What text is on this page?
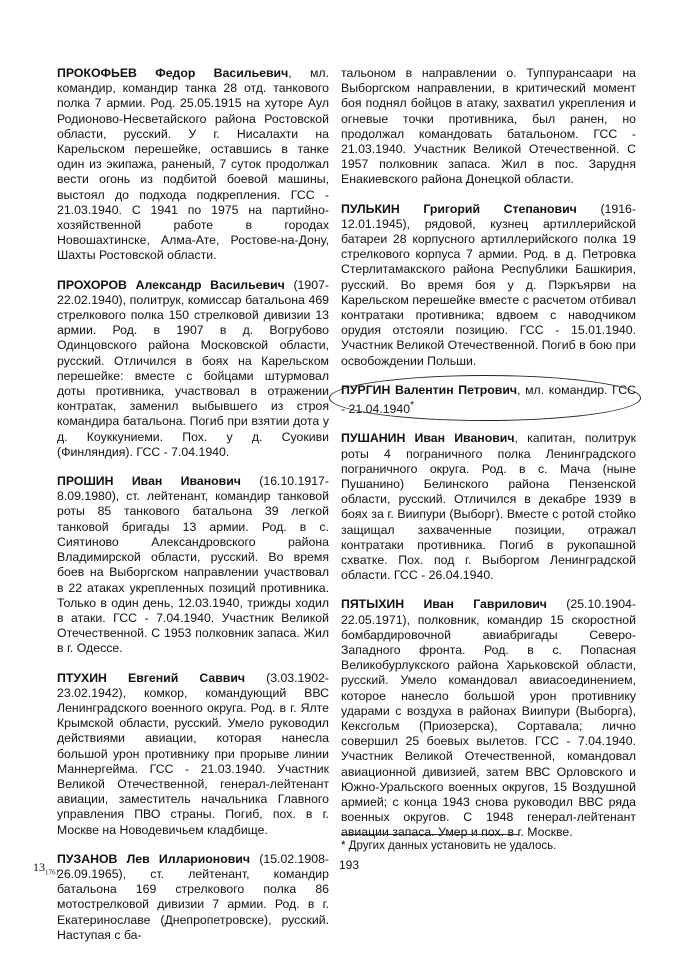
ПРОКОФЬЕВ Федор Васильевич, мл. командир, командир танка 28 отд. танкового полка 7 армии. Род. 25.05.1915 на хуторе Аул Родионово-Несветайского района Ростовской области, русский. У г. Нисалахти на Карельском перешейке, оставшись в танке один из экипажа, раненый, 7 суток продолжал вести огонь из подбитой боевой машины, выстоял до подхода подкрепления. ГСС - 21.03.1940. С 1941 по 1975 на партийно-хозяйственной работе в городах Новошахтинске, Алма-Ате, Ростове-на-Дону, Шахты Ростовской области.

ПРОХОРОВ Александр Васильевич (1907-22.02.1940), политрук, комиссар батальона 469 стрелкового полка 150 стрелковой дивизии 13 армии. Род. в 1907 в д. Вогрубово Одинцовского района Московской области, русский. Отличился в боях на Карельском перешейке: вместе с бойцами штурмовал доты противника, участвовал в отражении контратак, заменил выбывшего из строя командира батальона. Погиб при взятии дота у д. Коуккуниеми. Пох. у д. Суокиви (Финляндия). ГСС - 7.04.1940.

ПРОШИН Иван Иванович (16.10.1917-8.09.1980), ст. лейтенант, командир танковой роты 85 танкового батальона 39 легкой танковой бригады 13 армии. Род. в с. Сиятиново Александровского района Владимирской области, русский. Во время боев на Выборгском направлении участвовал в 22 атаках укрепленных позиций противника. Только в один день, 12.03.1940, трижды ходил в атаки. ГСС - 7.04.1940. Участник Великой Отечественной. С 1953 полковник запаса. Жил в г. Одессе.

ПТУХИН Евгений Саввич (3.03.1902-23.02.1942), комкор, командующий ВВС Ленинградского военного округа. Род. в г. Ялте Крымской области, русский. Умело руководил действиями авиации, которая нанесла большой урон противнику при прорыве линии Маннергейма. ГСС - 21.03.1940. Участник Великой Отечественной, генерал-лейтенант авиации, заместитель начальника Главного управления ПВО страны. Погиб, пох. в г. Москве на Новодевичьем кладбище.

ПУЗАНОВ Лев Илларионович (15.02.1908-26.09.1965), ст. лейтенант, командир батальона 169 стрелкового полка 86 мотострелковой дивизии 7 армии. Род. в г. Екатеринославе (Днепропетровске), русский. Наступая с ба-

тальоном в направлении о. Туппурансаари на Выборгском направлении, в критический момент боя поднял бойцов в атаку, захватил укрепления и огневые точки противника, был ранен, но продолжал командовать батальоном. ГСС - 21.03.1940. Участник Великой Отечественной. С 1957 полковник запаса. Жил в пос. Зарудня Енакиевского района Донецкой области.

ПУЛЬКИН Григорий Степанович (1916-12.01.1945), рядовой, кузнец артиллерийской батареи 28 корпусного артиллерийского полка 19 стрелкового корпуса 7 армии. Род. в д. Петровка Стерлитамакского района Республики Башкирия, русский. Во время боя у д. Пэркъярви на Карельском перешейке вместе с расчетом отбивал контратаки противника; вдвоем с наводчиком орудия отстояли позицию. ГСС - 15.01.1940. Участник Великой Отечественной. Погиб в бою при освобождении Польши.

ПУРГИН Валентин Петрович, мл. командир. ГСС - 21.04.1940*

ПУШАНИН Иван Иванович, капитан, политрук роты 4 пограничного полка Ленинградского пограничного округа. Род. в с. Мача (ныне Пушанино) Белинского района Пензенской области, русский. Отличился в декабре 1939 в боях за г. Виипури (Выборг). Вместе с ротой стойко защищал захваченные позиции, отражал контратаки противника. Погиб в рукопашной схватке. Пох. под г. Выборгом Ленинградской области. ГСС - 26.04.1940.

ПЯТЫХИН Иван Гаврилович (25.10.1904-22.05.1971), полковник, командир 15 скоростной бомбардировочной авиабригады Северо-Западного фронта. Род. в с. Попасная Великобурлукского района Харьковской области, русский. Умело командовал авиасоединением, которое нанесло большой урон противнику ударами с воздуха в районах Виипури (Выборга), Кексгольм (Приозерска), Сортавала; лично совершил 25 боевых вылетов. ГСС - 7.04.1940. Участник Великой Отечественной, командовал авиационной дивизией, затем ВВС Орловского и Южно-Уральского военных округов, 15 Воздушной армией; с конца 1943 снова руководил ВВС ряда военных округов. С 1948 генерал-лейтенант авиации запаса. Умер и пох. в г. Москве.

* Других данных установить не удалось.
193
$13_{1761}$
